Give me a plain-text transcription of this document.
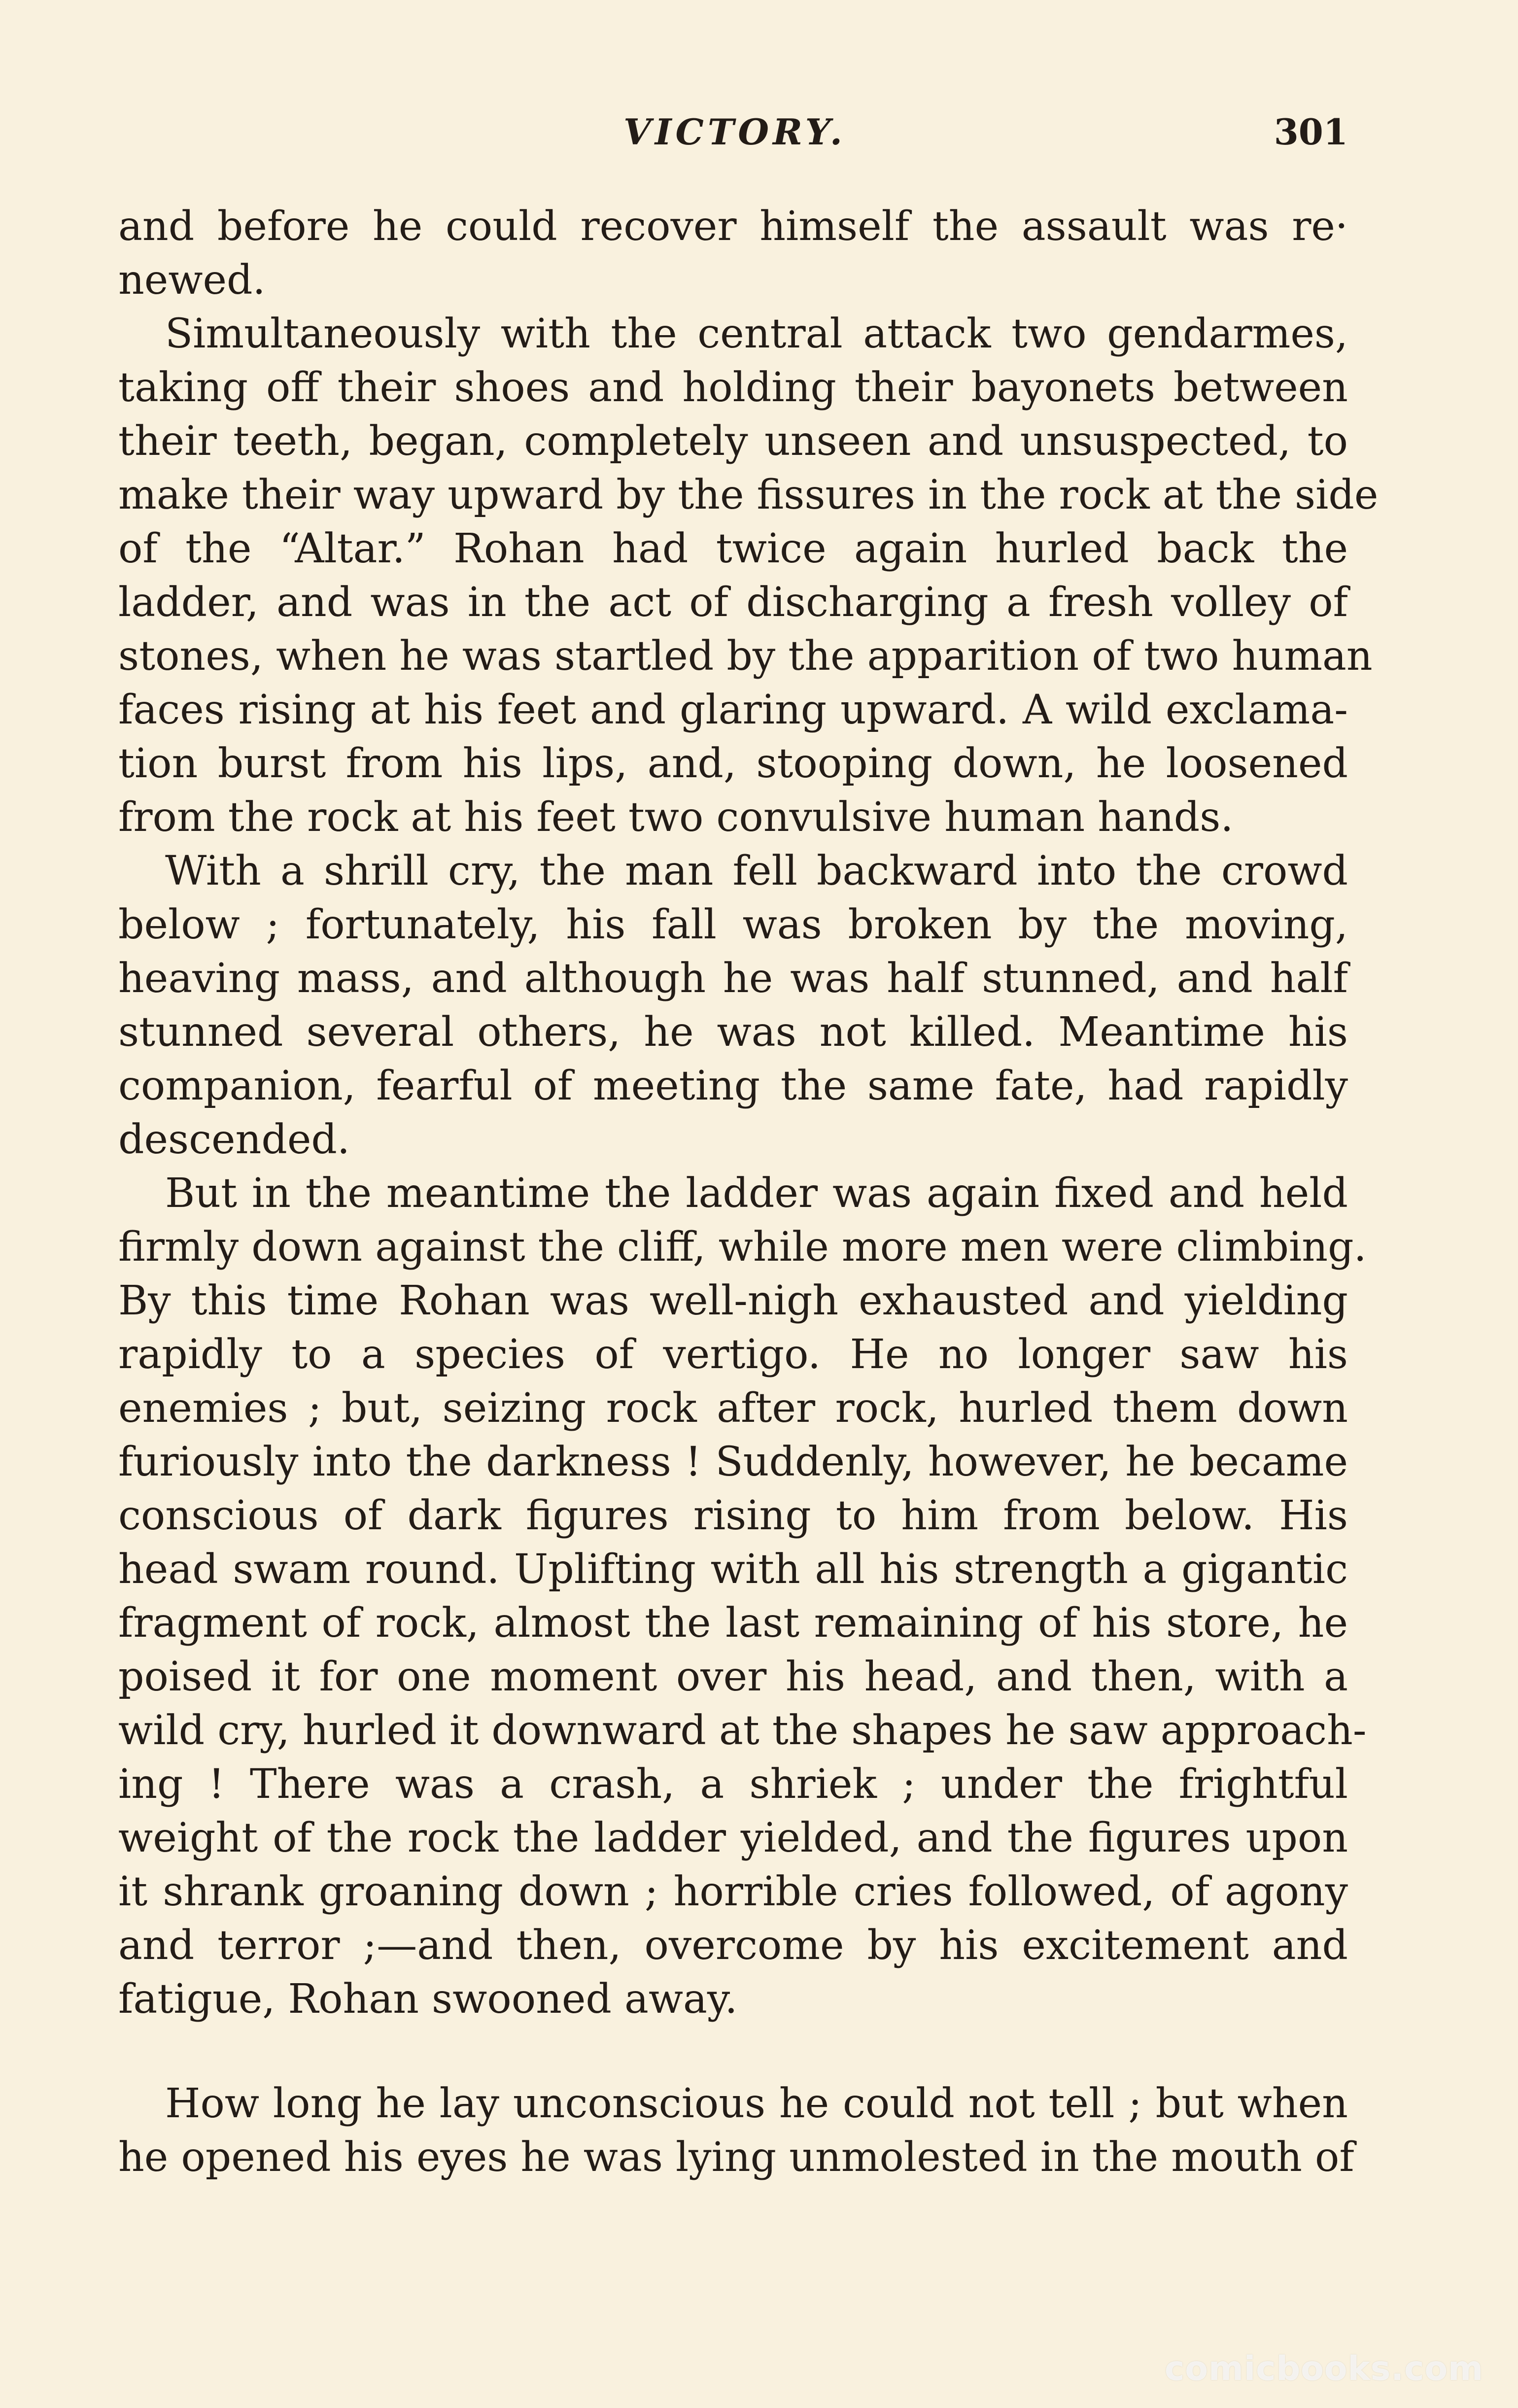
VICTORY.	301

and before he could recover himself the assault was re·
newed.

Simultaneously with the central attack two gendarmes,
taking off their shoes and holding their bayonets between
their teeth, began, completely unseen and unsuspected, to
make their way upward by the fissures in the rock at the side
of the “Altar.” Rohan had twice again hurled back the
ladder, and was in the act of discharging a fresh volley of
stones, when he was startled by the apparition of two human
faces rising at his feet and glaring upward. A wild exclama-
tion burst from his lips, and, stooping down, he loosened
from the rock at his feet two convulsive human hands.

With a shrill cry, the man fell backward into the crowd
below ; fortunately, his fall was broken by the moving,
heaving mass, and although he was half stunned, and half
stunned several others, he was not killed. Meantime his
companion, fearful of meeting the same fate, had rapidly
descended.

But in the meantime the ladder was again fixed and held
firmly down against the cliff, while more men were climbing.
By this time Rohan was well-nigh exhausted and yielding
rapidly to a species of vertigo. He no longer saw his
enemies ; but, seizing rock after rock, hurled them down
furiously into the darkness ! Suddenly, however, he became
conscious of dark figures rising to him from below. His
head swam round. Uplifting with all his strength a gigantic
fragment of rock, almost the last remaining of his store, he
poised it for one moment over his head, and then, with a
wild cry, hurled it downward at the shapes he saw approach-
ing ! There was a crash, a shriek ; under the frightful
weight of the rock the ladder yielded, and the figures upon
it shrank groaning down ; horrible cries followed, of agony
and terror ;—and then, overcome by his excitement and
fatigue, Rohan swooned away.

How long he lay unconscious he could not tell ; but when
he opened his eyes he was lying unmolested in the mouth of

comicbooks.com
